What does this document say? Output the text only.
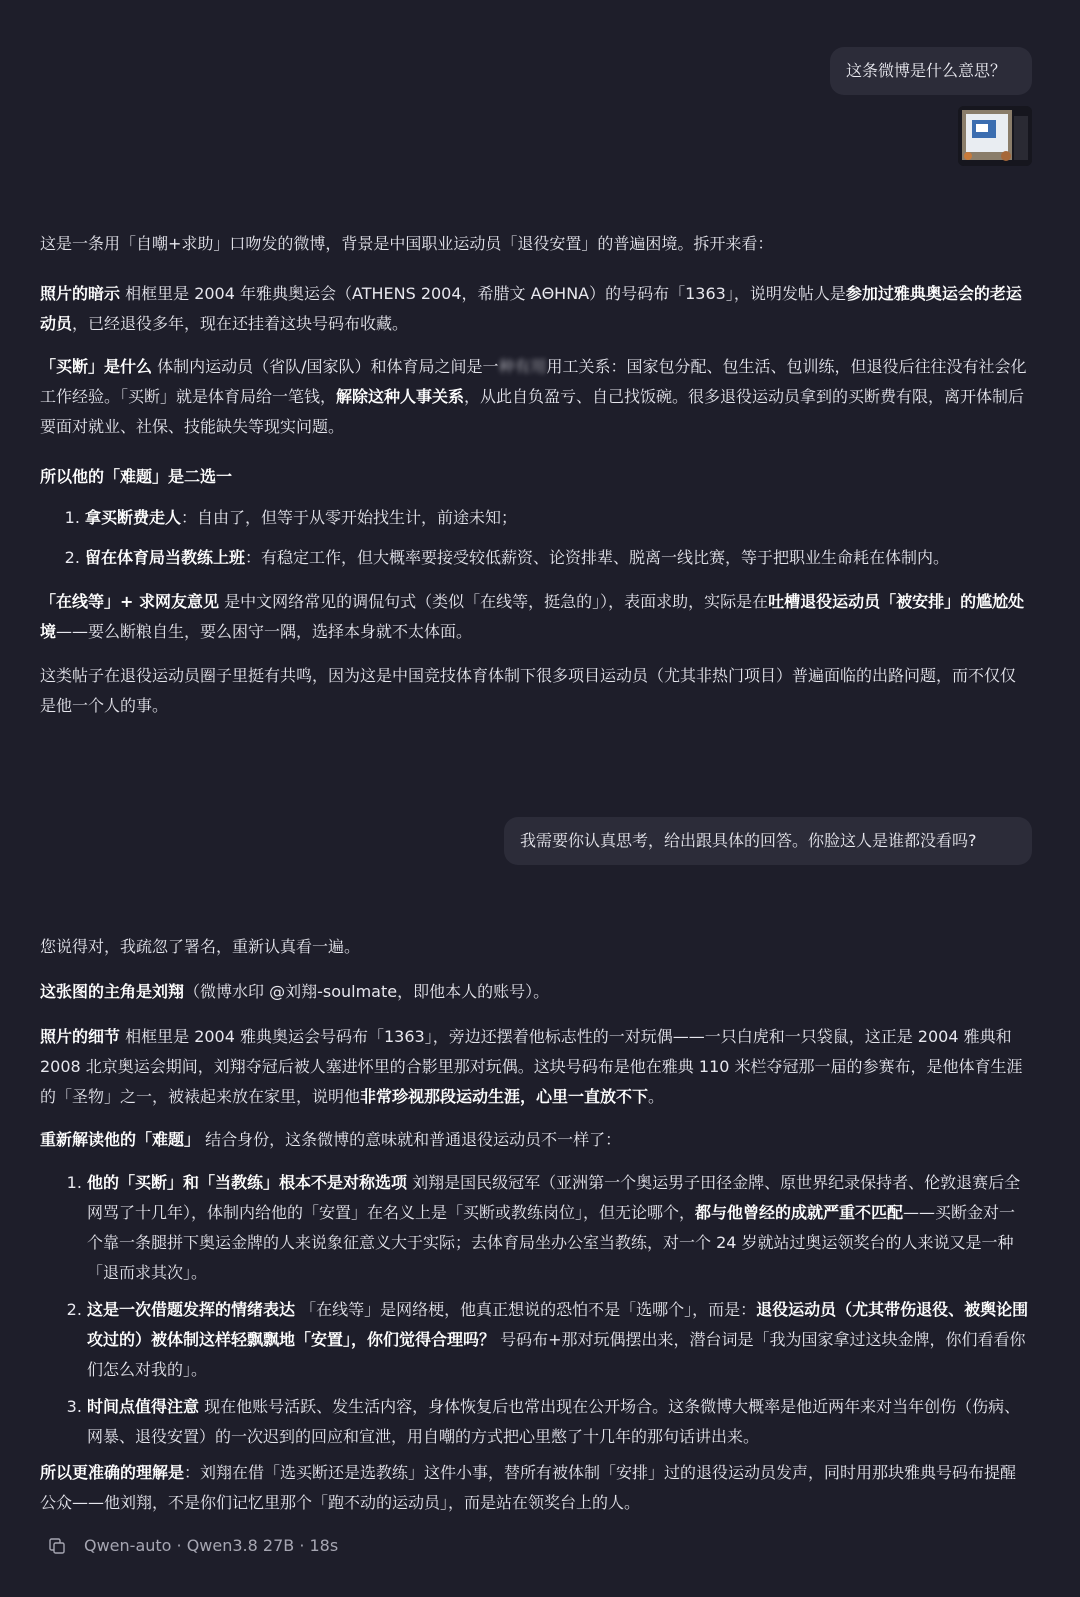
这条微博是什么意思？

这是一条用「自嘲+求助」口吻发的微博，背景是中国职业运动员「退役安置」的普遍困境。拆开来看：

照片的暗示 相框里是 2004 年雅典奥运会（ATHENS 2004，希腊文 ΑΘΗΝΑ）的号码布「1363」，说明发帖人是参加过雅典奥运会的老运动员，已经退役多年，现在还挂着这块号码布收藏。

「买断」是什么 体制内运动员（省队/国家队）和体育局之间是一种有用用工关系：国家包分配、包生活、包训练，但退役后往往没有社会化工作经验。「买断」就是体育局给一笔钱，解除这种人事关系，从此自负盈亏、自己找饭碗。很多退役运动员拿到的买断费有限，离开体制后要面对就业、社保、技能缺失等现实问题。

所以他的「难题」是二选一

1. 拿买断费走人：自由了，但等于从零开始找生计，前途未知；
2. 留在体育局当教练上班：有稳定工作，但大概率要接受较低薪资、论资排辈、脱离一线比赛，等于把职业生命耗在体制内。

「在线等」+ 求网友意见 是中文网络常见的调侃句式（类似「在线等，挺急的」），表面求助，实际是在吐槽退役运动员「被安排」的尴尬处境——要么断粮自生，要么困守一隅，选择本身就不太体面。

这类帖子在退役运动员圈子里挺有共鸣，因为这是中国竞技体育体制下很多项目运动员（尤其非热门项目）普遍面临的出路问题，而不仅仅是他一个人的事。

我需要你认真思考，给出跟具体的回答。你脸这人是谁都没看吗?

您说得对，我疏忽了署名，重新认真看一遍。

这张图的主角是刘翔（微博水印 @刘翔-soulmate，即他本人的账号）。

照片的细节 相框里是 2004 雅典奥运会号码布「1363」，旁边还摆着他标志性的一对玩偶——一只白虎和一只袋鼠，这正是 2004 雅典和 2008 北京奥运会期间，刘翔夺冠后被人塞进怀里的合影里那对玩偶。这块号码布是他在雅典 110 米栏夺冠那一届的参赛布，是他体育生涯的「圣物」之一，被裱起来放在家里，说明他非常珍视那段运动生涯，心里一直放不下。

重新解读他的「难题」 结合身份，这条微博的意味就和普通退役运动员不一样了：

1. 他的「买断」和「当教练」根本不是对称选项 刘翔是国民级冠军（亚洲第一个奥运男子田径金牌、原世界纪录保持者、伦敦退赛后全网骂了十几年），体制内给他的「安置」在名义上是「买断或教练岗位」，但无论哪个，都与他曾经的成就严重不匹配——买断金对一个靠一条腿拼下奥运金牌的人来说象征意义大于实际；去体育局坐办公室当教练，对一个 24 岁就站过奥运领奖台的人来说又是一种「退而求其次」。
2. 这是一次借题发挥的情绪表达 「在线等」是网络梗，他真正想说的恐怕不是「选哪个」，而是：退役运动员（尤其带伤退役、被舆论围攻过的）被体制这样轻飘飘地「安置」，你们觉得合理吗？ 号码布+那对玩偶摆出来，潜台词是「我为国家拿过这块金牌，你们看看你们怎么对我的」。
3. 时间点值得注意 现在他账号活跃、发生活内容，身体恢复后也常出现在公开场合。这条微博大概率是他近两年来对当年创伤（伤病、网暴、退役安置）的一次迟到的回应和宣泄，用自嘲的方式把心里憋了十几年的那句话讲出来。

所以更准确的理解是：刘翔在借「选买断还是选教练」这件小事，替所有被体制「安排」过的退役运动员发声，同时用那块雅典号码布提醒公众——他刘翔，不是你们记忆里那个「跑不动的运动员」，而是站在领奖台上的人。

Qwen-auto · Qwen3.8 27B · 18s
